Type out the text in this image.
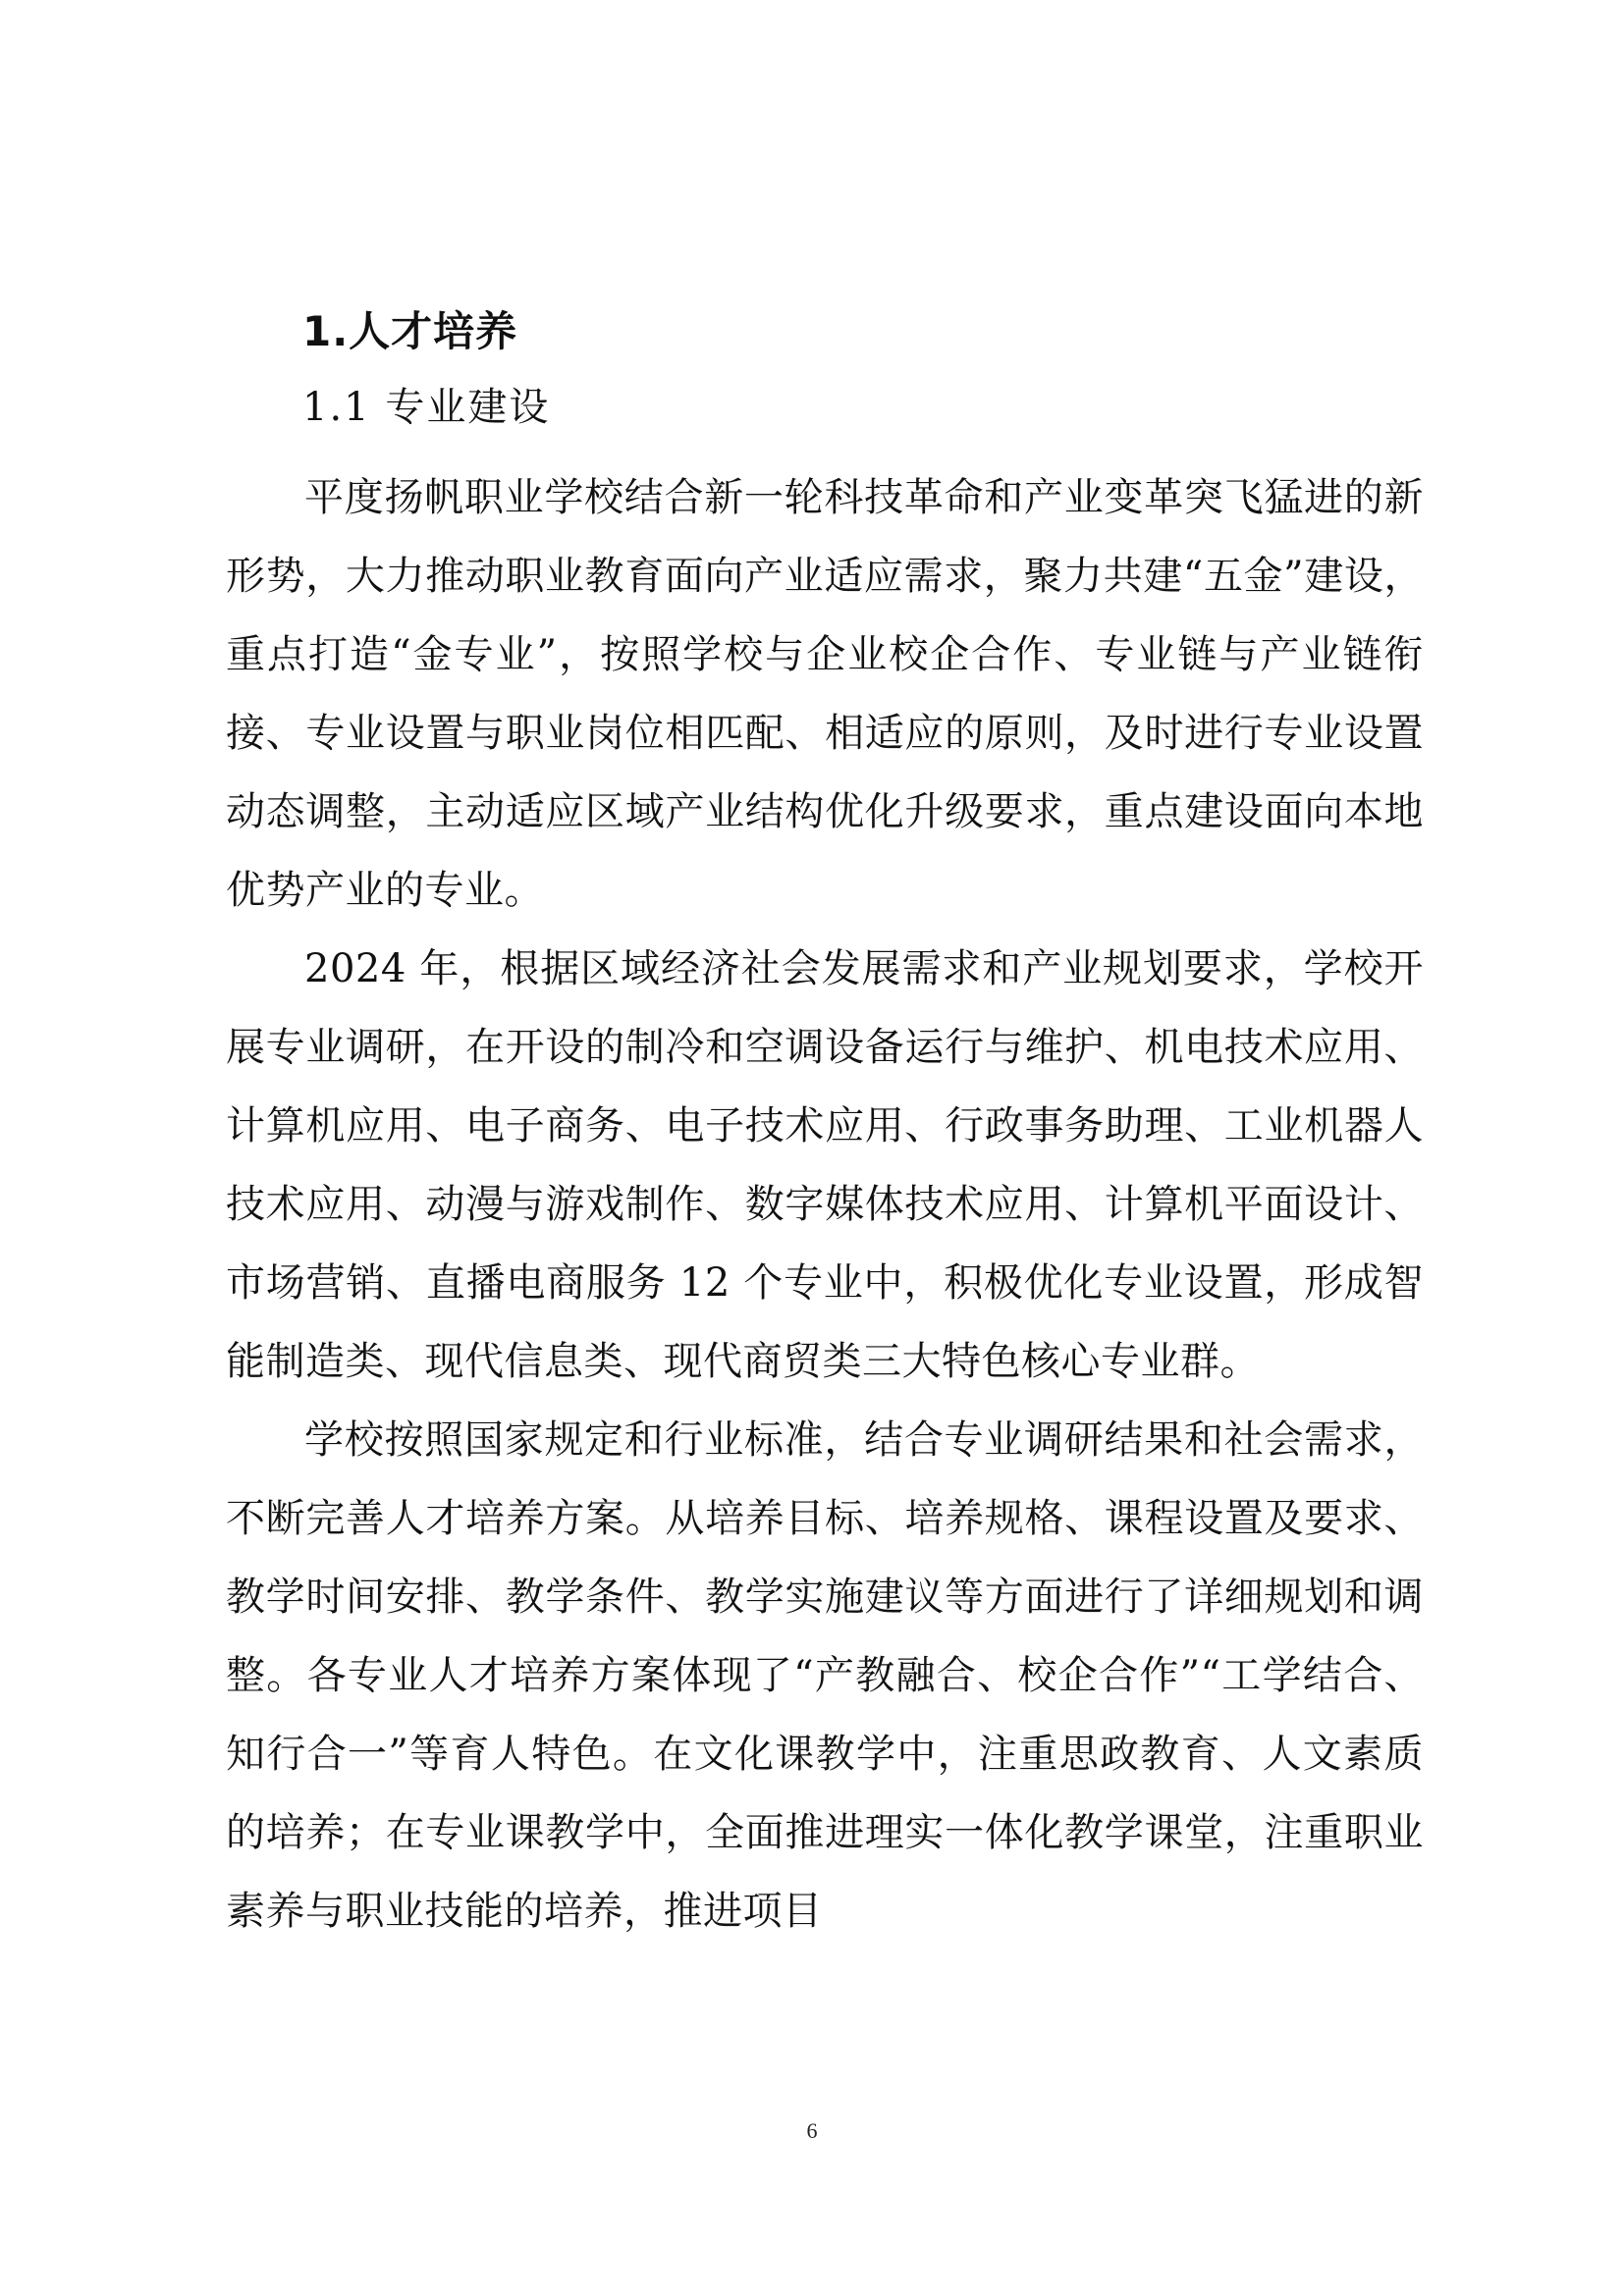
1.人才培养
1.1 专业建设

平度扬帆职业学校结合新一轮科技革命和产业变革突飞猛进的新形势，大力推动职业教育面向产业适应需求，聚力共建“五金”建设，重点打造“金专业”，按照学校与企业校企合作、专业链与产业链衔接、专业设置与职业岗位相匹配、相适应的原则，及时进行专业设置动态调整，主动适应区域产业结构优化升级要求，重点建设面向本地优势产业的专业。

2024 年，根据区域经济社会发展需求和产业规划要求，学校开展专业调研，在开设的制冷和空调设备运行与维护、机电技术应用、计算机应用、电子商务、电子技术应用、行政事务助理、工业机器人技术应用、动漫与游戏制作、数字媒体技术应用、计算机平面设计、市场营销、直播电商服务 12 个专业中，积极优化专业设置，形成智能制造类、现代信息类、现代商贸类三大特色核心专业群。

学校按照国家规定和行业标准，结合专业调研结果和社会需求，不断完善人才培养方案。从培养目标、培养规格、课程设置及要求、教学时间安排、教学条件、教学实施建议等方面进行了详细规划和调整。各专业人才培养方案体现了“产教融合、校企合作”“工学结合、知行合一”等育人特色。在文化课教学中，注重思政教育、人文素质的培养；在专业课教学中，全面推进理实一体化教学课堂，注重职业素养与职业技能的培养，推进项目

6
